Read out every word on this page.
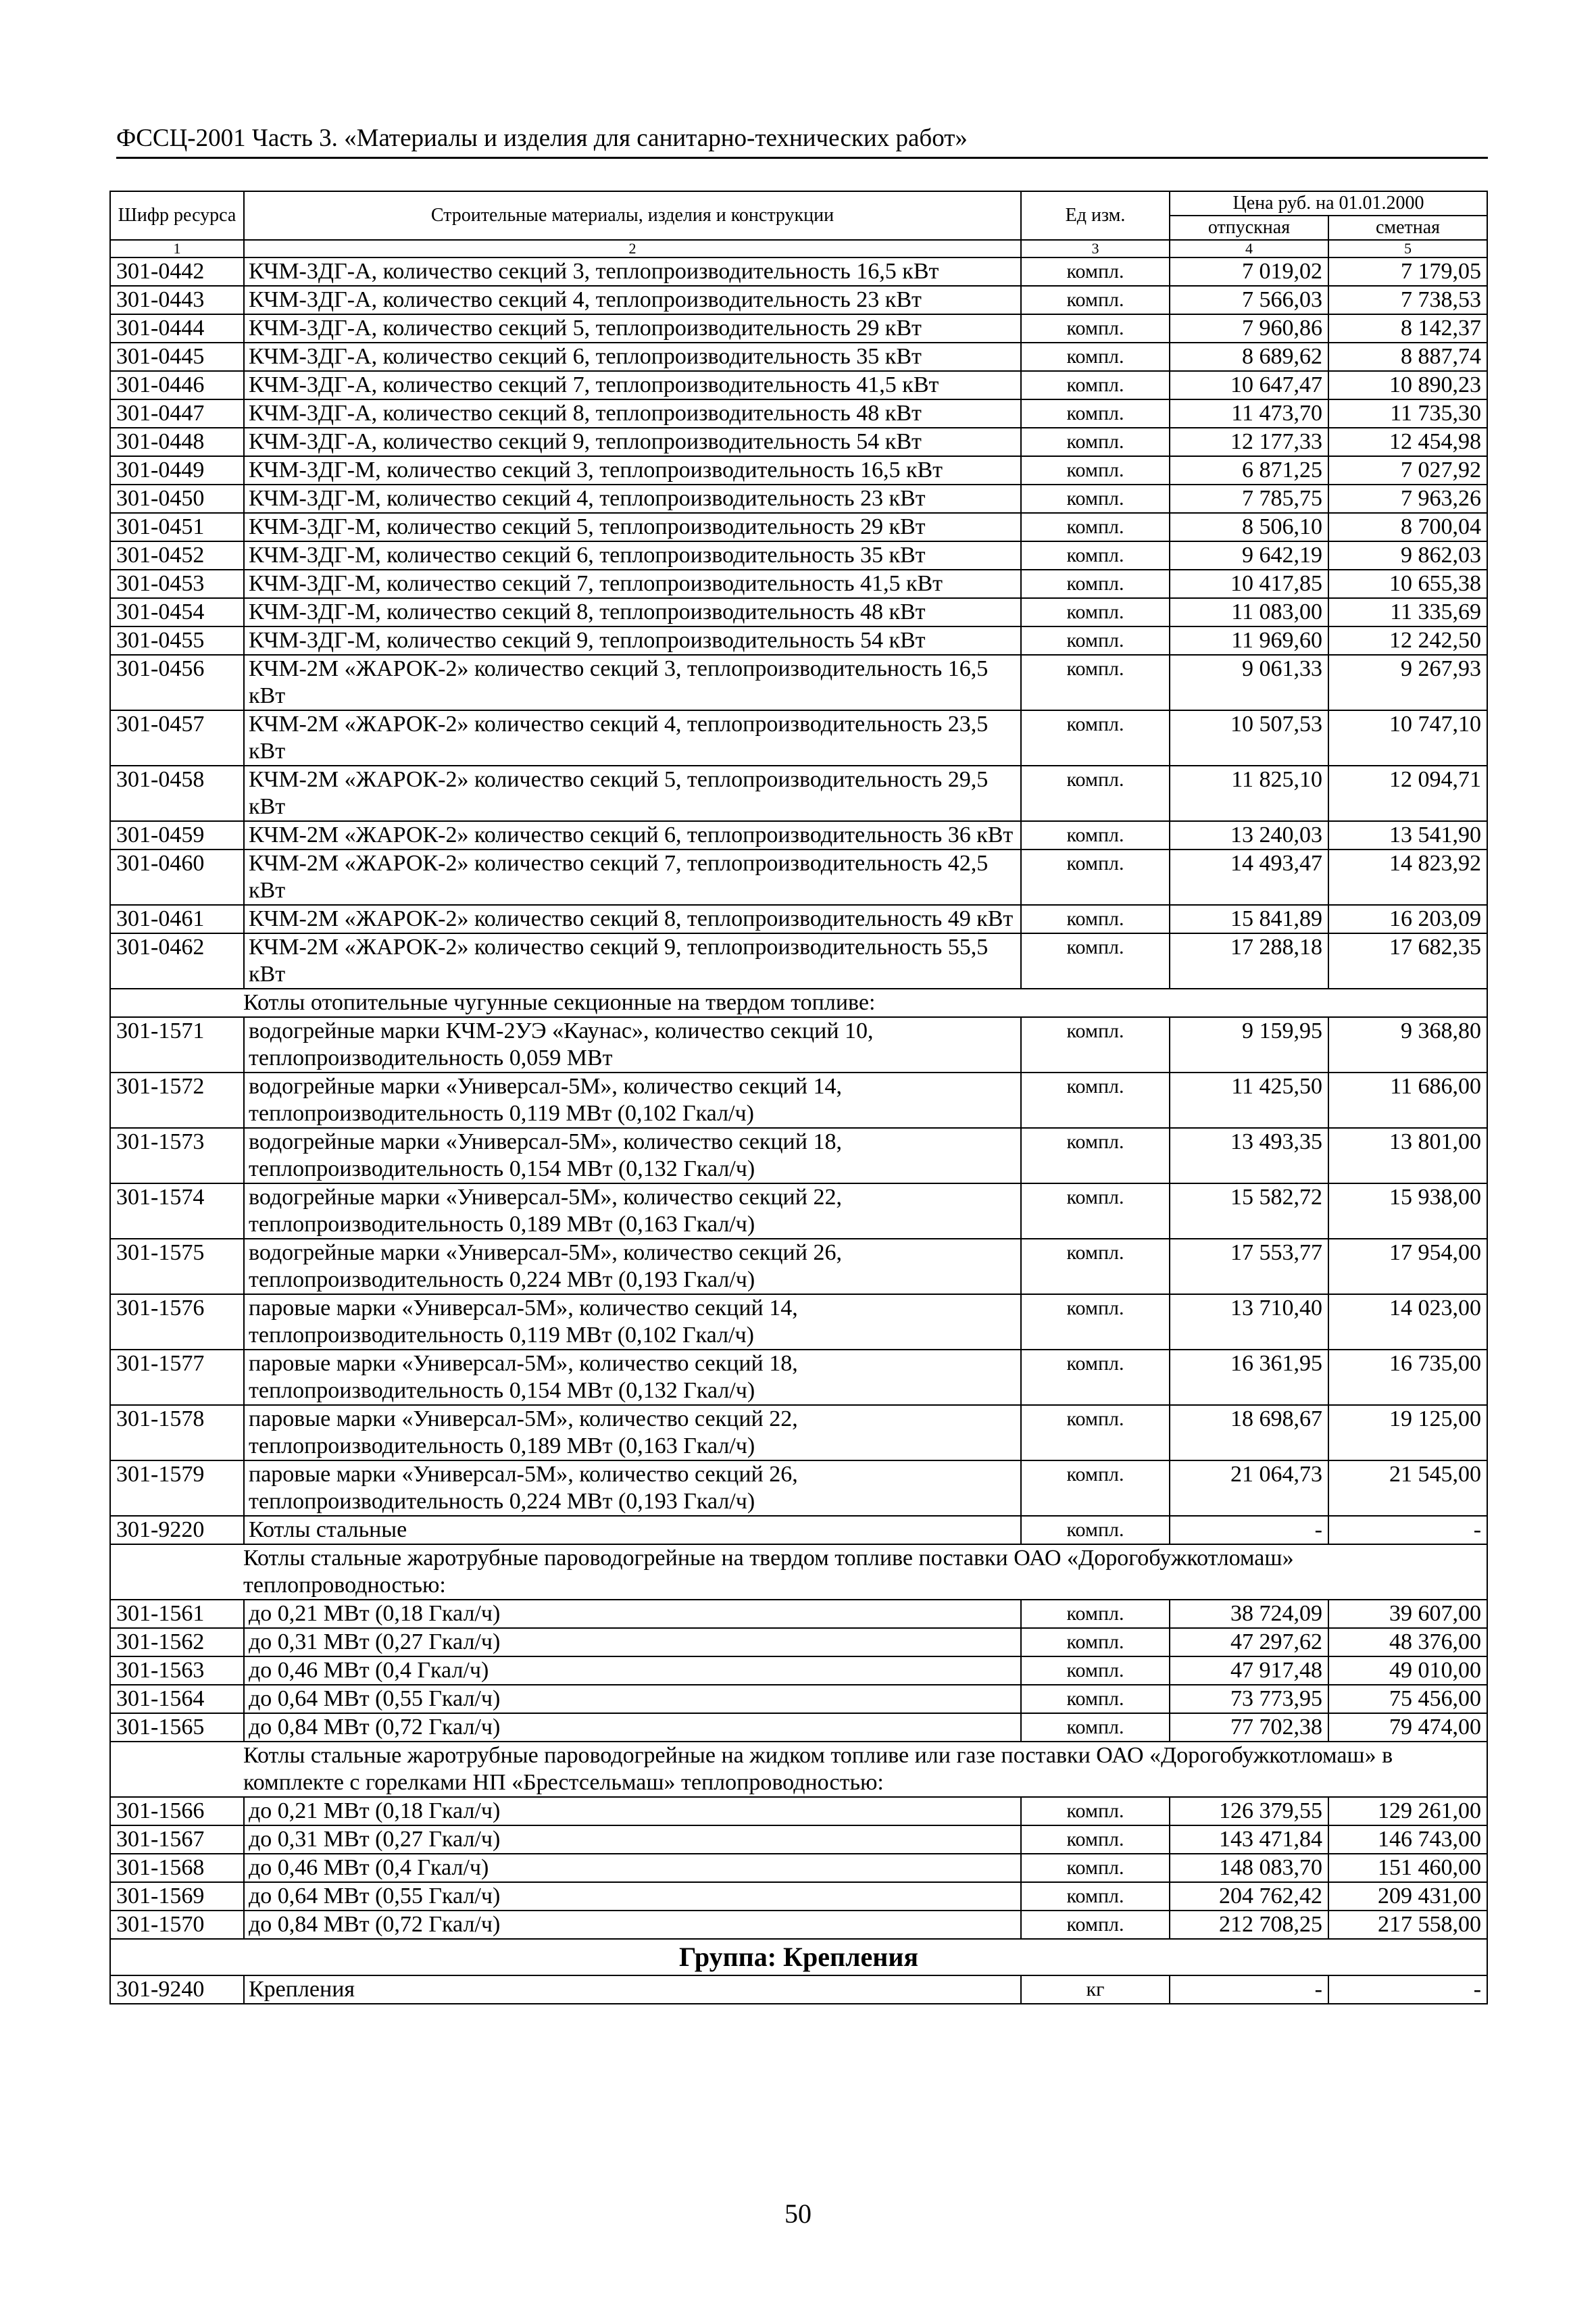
ФССЦ-2001 Часть 3. «Материалы и изделия для санитарно-технических работ»
Шифр ресурса	Строительные материалы, изделия и конструкции	Ед изм.	Цена руб. на 01.01.2000	
			отпускная	сметная
1	2	3	4	5
301-0442	КЧМ-3ДГ-А, количество секций 3, теплопроизводительность 16,5 кВт	компл.	7 019,02	7 179,05
301-0443	КЧМ-3ДГ-А, количество секций 4, теплопроизводительность 23 кВт	компл.	7 566,03	7 738,53
301-0444	КЧМ-3ДГ-А, количество секций 5, теплопроизводительность 29 кВт	компл.	7 960,86	8 142,37
301-0445	КЧМ-3ДГ-А, количество секций 6, теплопроизводительность 35 кВт	компл.	8 689,62	8 887,74
301-0446	КЧМ-3ДГ-А, количество секций 7, теплопроизводительность 41,5 кВт	компл.	10 647,47	10 890,23
301-0447	КЧМ-3ДГ-А, количество секций 8, теплопроизводительность 48 кВт	компл.	11 473,70	11 735,30
301-0448	КЧМ-3ДГ-А, количество секций 9, теплопроизводительность 54 кВт	компл.	12 177,33	12 454,98
301-0449	КЧМ-3ДГ-М, количество секций 3, теплопроизводительность 16,5 кВт	компл.	6 871,25	7 027,92
301-0450	КЧМ-3ДГ-М, количество секций 4, теплопроизводительность 23 кВт	компл.	7 785,75	7 963,26
301-0451	КЧМ-3ДГ-М, количество секций 5, теплопроизводительность 29 кВт	компл.	8 506,10	8 700,04
301-0452	КЧМ-3ДГ-М, количество секций 6, теплопроизводительность 35 кВт	компл.	9 642,19	9 862,03
301-0453	КЧМ-3ДГ-М, количество секций 7, теплопроизводительность 41,5 кВт	компл.	10 417,85	10 655,38
301-0454	КЧМ-3ДГ-М, количество секций 8, теплопроизводительность 48 кВт	компл.	11 083,00	11 335,69
301-0455	КЧМ-3ДГ-М, количество секций 9, теплопроизводительность 54 кВт	компл.	11 969,60	12 242,50
301-0456	КЧМ-2М «ЖАРОК-2» количество секций 3, теплопроизводительность 16,5 кВт	компл.	9 061,33	9 267,93
301-0457	КЧМ-2М «ЖАРОК-2» количество секций 4, теплопроизводительность 23,5 кВт	компл.	10 507,53	10 747,10
301-0458	КЧМ-2М «ЖАРОК-2» количество секций 5, теплопроизводительность 29,5 кВт	компл.	11 825,10	12 094,71
301-0459	КЧМ-2М «ЖАРОК-2» количество секций 6, теплопроизводительность 36 кВт	компл.	13 240,03	13 541,90
301-0460	КЧМ-2М «ЖАРОК-2» количество секций 7, теплопроизводительность 42,5 кВт	компл.	14 493,47	14 823,92
301-0461	КЧМ-2М «ЖАРОК-2» количество секций 8, теплопроизводительность 49 кВт	компл.	15 841,89	16 203,09
301-0462	КЧМ-2М «ЖАРОК-2» количество секций 9, теплопроизводительность 55,5 кВт	компл.	17 288,18	17 682,35
Котлы отопительные чугунные секционные на твердом топливе:				
301-1571	водогрейные марки КЧМ-2УЭ «Каунас», количество секций 10, теплопроизводительность 0,059 МВт	компл.	9 159,95	9 368,80
301-1572	водогрейные марки «Универсал-5М», количество секций 14, теплопроизводительность 0,119 МВт (0,102 Гкал/ч)	компл.	11 425,50	11 686,00
301-1573	водогрейные марки «Универсал-5М», количество секций 18, теплопроизводительность 0,154 МВт (0,132 Гкал/ч)	компл.	13 493,35	13 801,00
301-1574	водогрейные марки «Универсал-5М», количество секций 22, теплопроизводительность 0,189 МВт (0,163 Гкал/ч)	компл.	15 582,72	15 938,00
301-1575	водогрейные марки «Универсал-5М», количество секций 26, теплопроизводительность 0,224 МВт (0,193 Гкал/ч)	компл.	17 553,77	17 954,00
301-1576	паровые марки «Универсал-5М», количество секций 14, теплопроизводительность 0,119 МВт (0,102 Гкал/ч)	компл.	13 710,40	14 023,00
301-1577	паровые марки «Универсал-5М», количество секций 18, теплопроизводительность 0,154 МВт (0,132 Гкал/ч)	компл.	16 361,95	16 735,00
301-1578	паровые марки «Универсал-5М», количество секций 22, теплопроизводительность 0,189 МВт (0,163 Гкал/ч)	компл.	18 698,67	19 125,00
301-1579	паровые марки «Универсал-5М», количество секций 26, теплопроизводительность 0,224 МВт (0,193 Гкал/ч)	компл.	21 064,73	21 545,00
301-9220	Котлы стальные	компл.	-	-
Котлы стальные жаротрубные пароводогрейные на твердом топливе поставки ОАО «Дорогобужкотломаш» теплопроводностью:				
301-1561	до 0,21 МВт (0,18 Гкал/ч)	компл.	38 724,09	39 607,00
301-1562	до 0,31 МВт (0,27 Гкал/ч)	компл.	47 297,62	48 376,00
301-1563	до 0,46 МВт (0,4 Гкал/ч)	компл.	47 917,48	49 010,00
301-1564	до 0,64 МВт (0,55 Гкал/ч)	компл.	73 773,95	75 456,00
301-1565	до 0,84 МВт (0,72 Гкал/ч)	компл.	77 702,38	79 474,00
Котлы стальные жаротрубные пароводогрейные на жидком топливе или газе поставки ОАО «Дорогобужкотломаш» в комплекте с горелками НП «Брестсельмаш» теплопроводностью:				
301-1566	до 0,21 МВт (0,18 Гкал/ч)	компл.	126 379,55	129 261,00
301-1567	до 0,31 МВт (0,27 Гкал/ч)	компл.	143 471,84	146 743,00
301-1568	до 0,46 МВт (0,4 Гкал/ч)	компл.	148 083,70	151 460,00
301-1569	до 0,64 МВт (0,55 Гкал/ч)	компл.	204 762,42	209 431,00
301-1570	до 0,84 МВт (0,72 Гкал/ч)	компл.	212 708,25	217 558,00
Группа: Крепления				
301-9240	Крепления	кг	-	-
50
